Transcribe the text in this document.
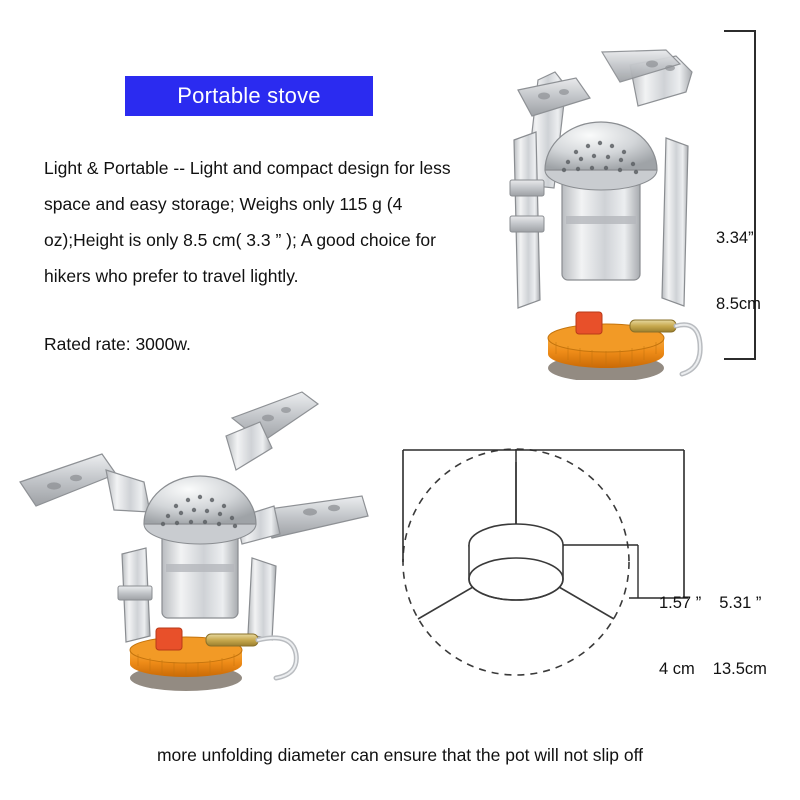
Portable stove
Light & Portable -- Light and compact design for less space and easy storage; Weighs only 115 g (4 oz);Height is only 8.5 cm( 3.3 ” ); A good choice for hikers who prefer to travel lightly.
Rated rate: 3000w.

3.34”

8.5cm

1.57 ” 5.31 ”

4 cm 13.5cm

more unfolding diameter can ensure that the pot will not slip off
